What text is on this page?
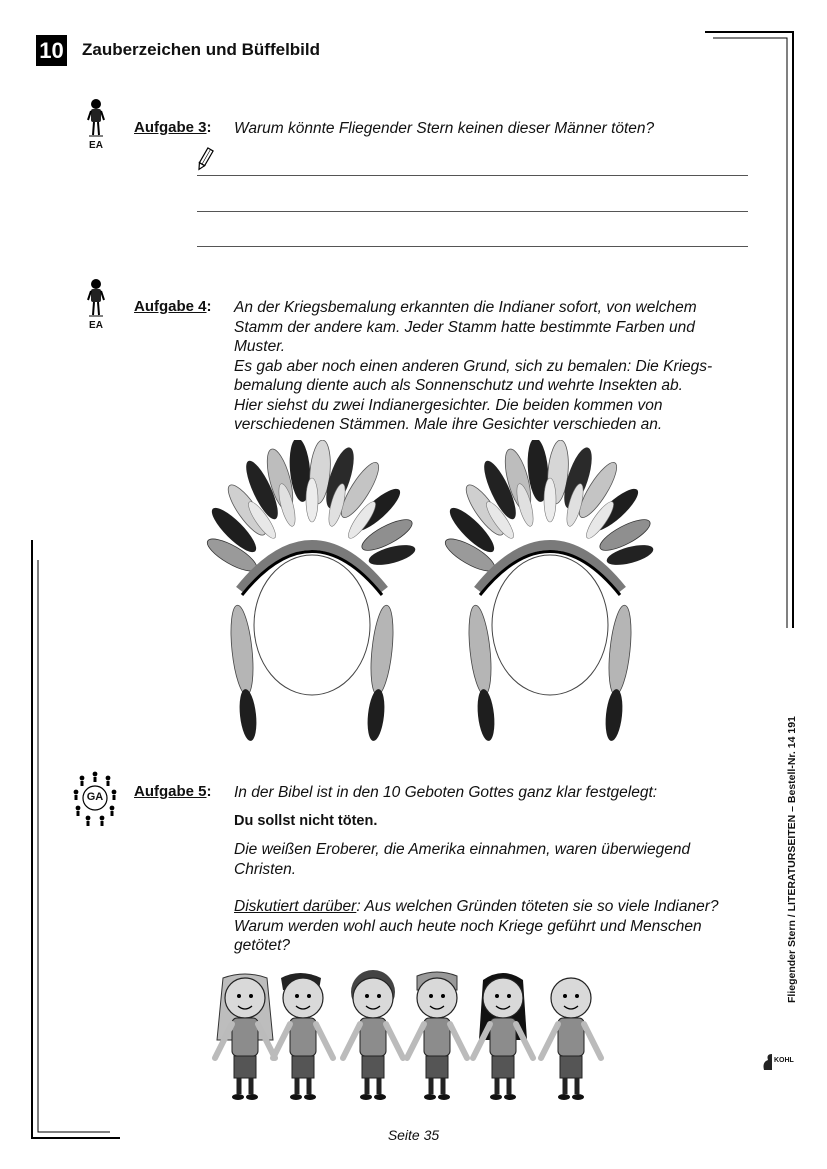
10 Zauberzeichen und Büffelbild
EA
Aufgabe 3: Warum könnte Fliegender Stern keinen dieser Männer töten?
EA
Aufgabe 4: An der Kriegsbemalung erkannten die Indianer sofort, von welchem
Stamm der andere kam. Jeder Stamm hatte bestimmte Farben und
Muster.
Es gab aber noch einen anderen Grund, sich zu bemalen: Die Kriegs-
bemalung diente auch als Sonnenschutz und wehrte Insekten ab.
Hier siehst du zwei Indianergesichter. Die beiden kommen von
verschiedenen Stämmen. Male ihre Gesichter verschieden an.
GA	Aufgabe 5: In der Bibel ist in den 10 Geboten Gottes ganz klar festgelegt:
Du sollst nicht töten.
Die weißen Eroberer, die Amerika einnahmen, waren überwiegend
Christen.
Diskutiert darüber: Aus welchen Gründen töteten sie so viele Indianer?
Warum werden wohl auch heute noch Kriege geführt und Menschen
getötet?	Fliegender Stern / LITERATURSEITEN – Bestell-Nr. 14 191
KOHL
Seite 35
